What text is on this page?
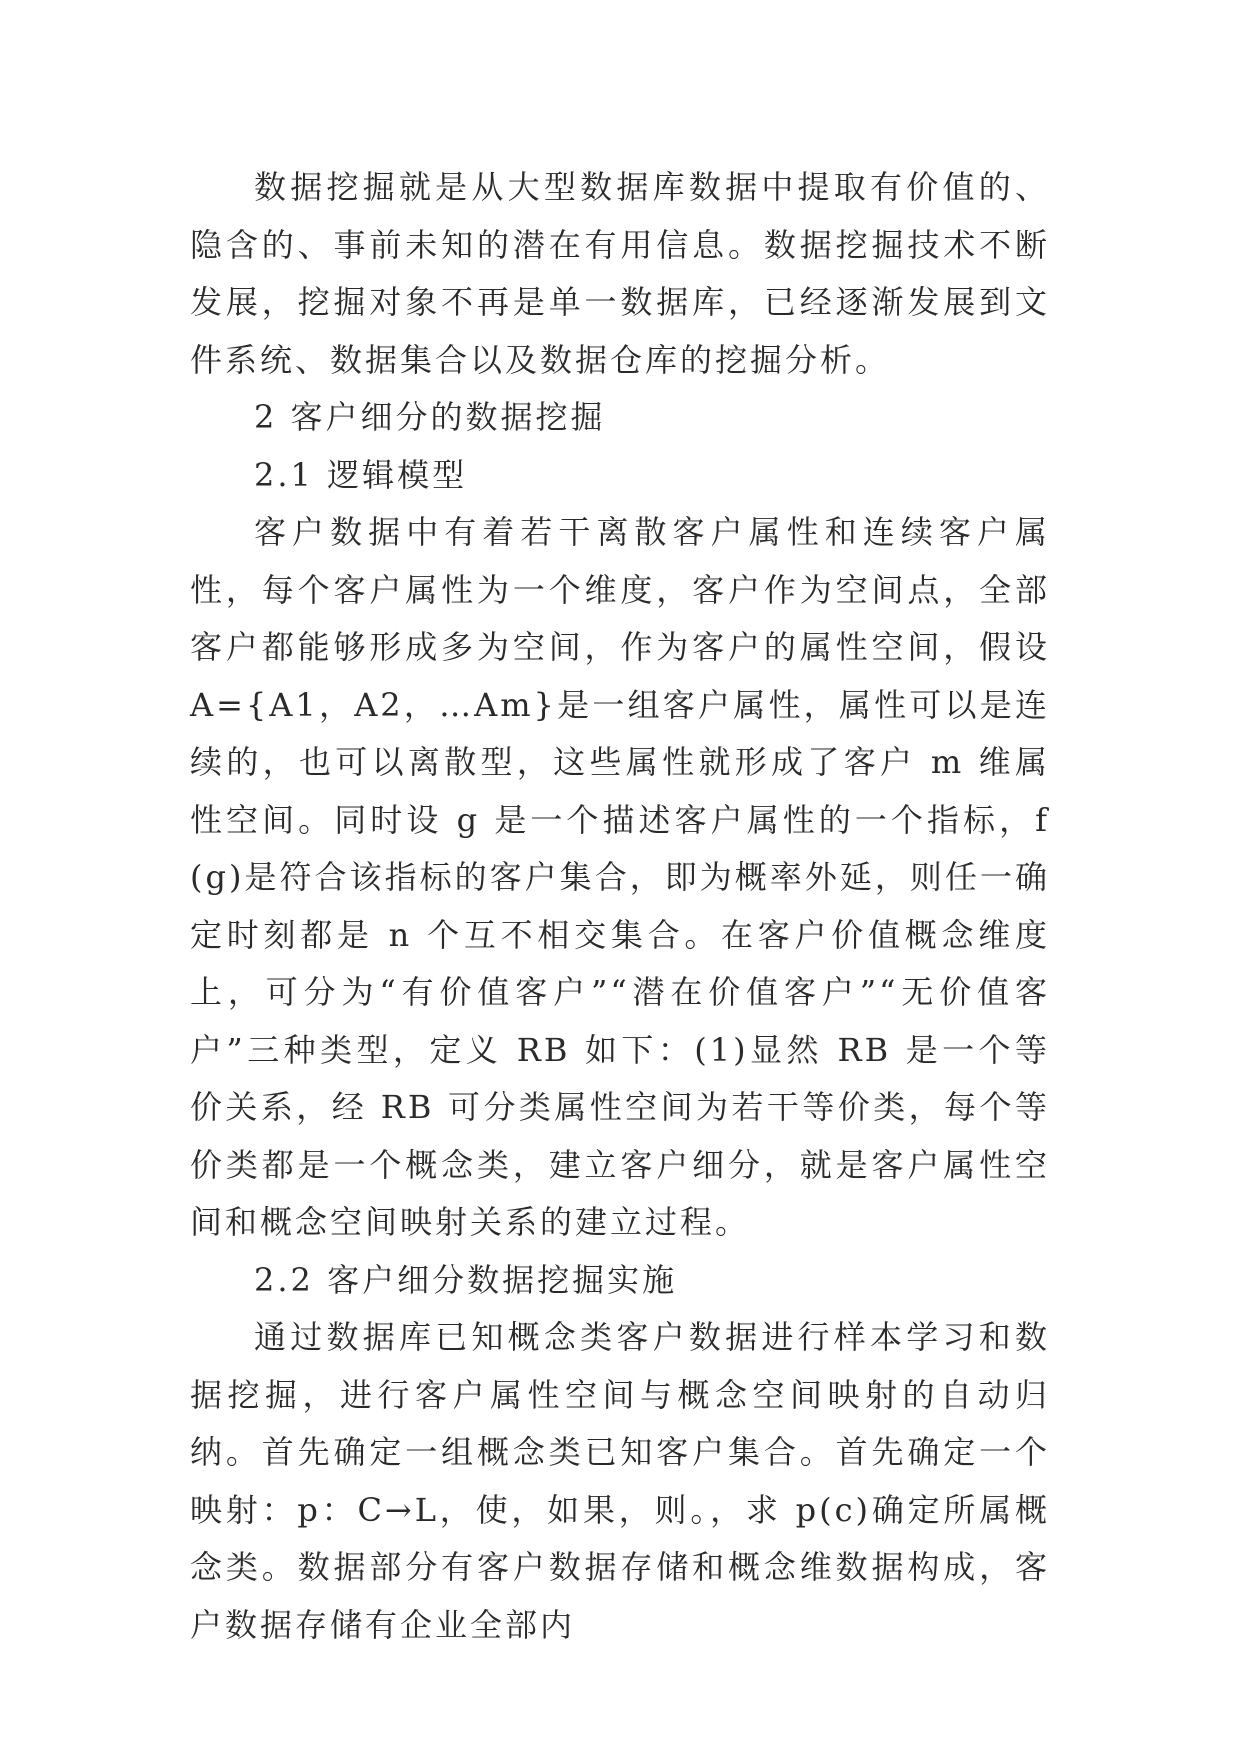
数据挖掘就是从大型数据库数据中提取有价值的、隐含的、事前未知的潜在有用信息。数据挖掘技术不断发展，挖掘对象不再是单一数据库，已经逐渐发展到文件系统、数据集合以及数据仓库的挖掘分析。

2 客户细分的数据挖掘

2.1 逻辑模型

客户数据中有着若干离散客户属性和连续客户属性，每个客户属性为一个维度，客户作为空间点，全部客户都能够形成多为空间，作为客户的属性空间，假设 A={A1，A2，…Am}是一组客户属性，属性可以是连续的，也可以离散型，这些属性就形成了客户 m 维属性空间。同时设 g 是一个描述客户属性的一个指标，f(g)是符合该指标的客户集合，即为概率外延，则任一确定时刻都是 n 个互不相交集合。在客户价值概念维度上，可分为“有价值客户”“潜在价值客户”“无价值客户”三种类型，定义 RB 如下：(1)显然 RB 是一个等价关系，经 RB 可分类属性空间为若干等价类，每个等价类都是一个概念类，建立客户细分，就是客户属性空间和概念空间映射关系的建立过程。

2.2 客户细分数据挖掘实施

通过数据库已知概念类客户数据进行样本学习和数据挖掘，进行客户属性空间与概念空间映射的自动归纳。首先确定一组概念类已知客户集合。首先确定一个映射：p：C→L，使，如果，则。，求 p(c)确定所属概念类。数据部分有客户数据存储和概念维数据构成，客户数据存储有企业全部内
